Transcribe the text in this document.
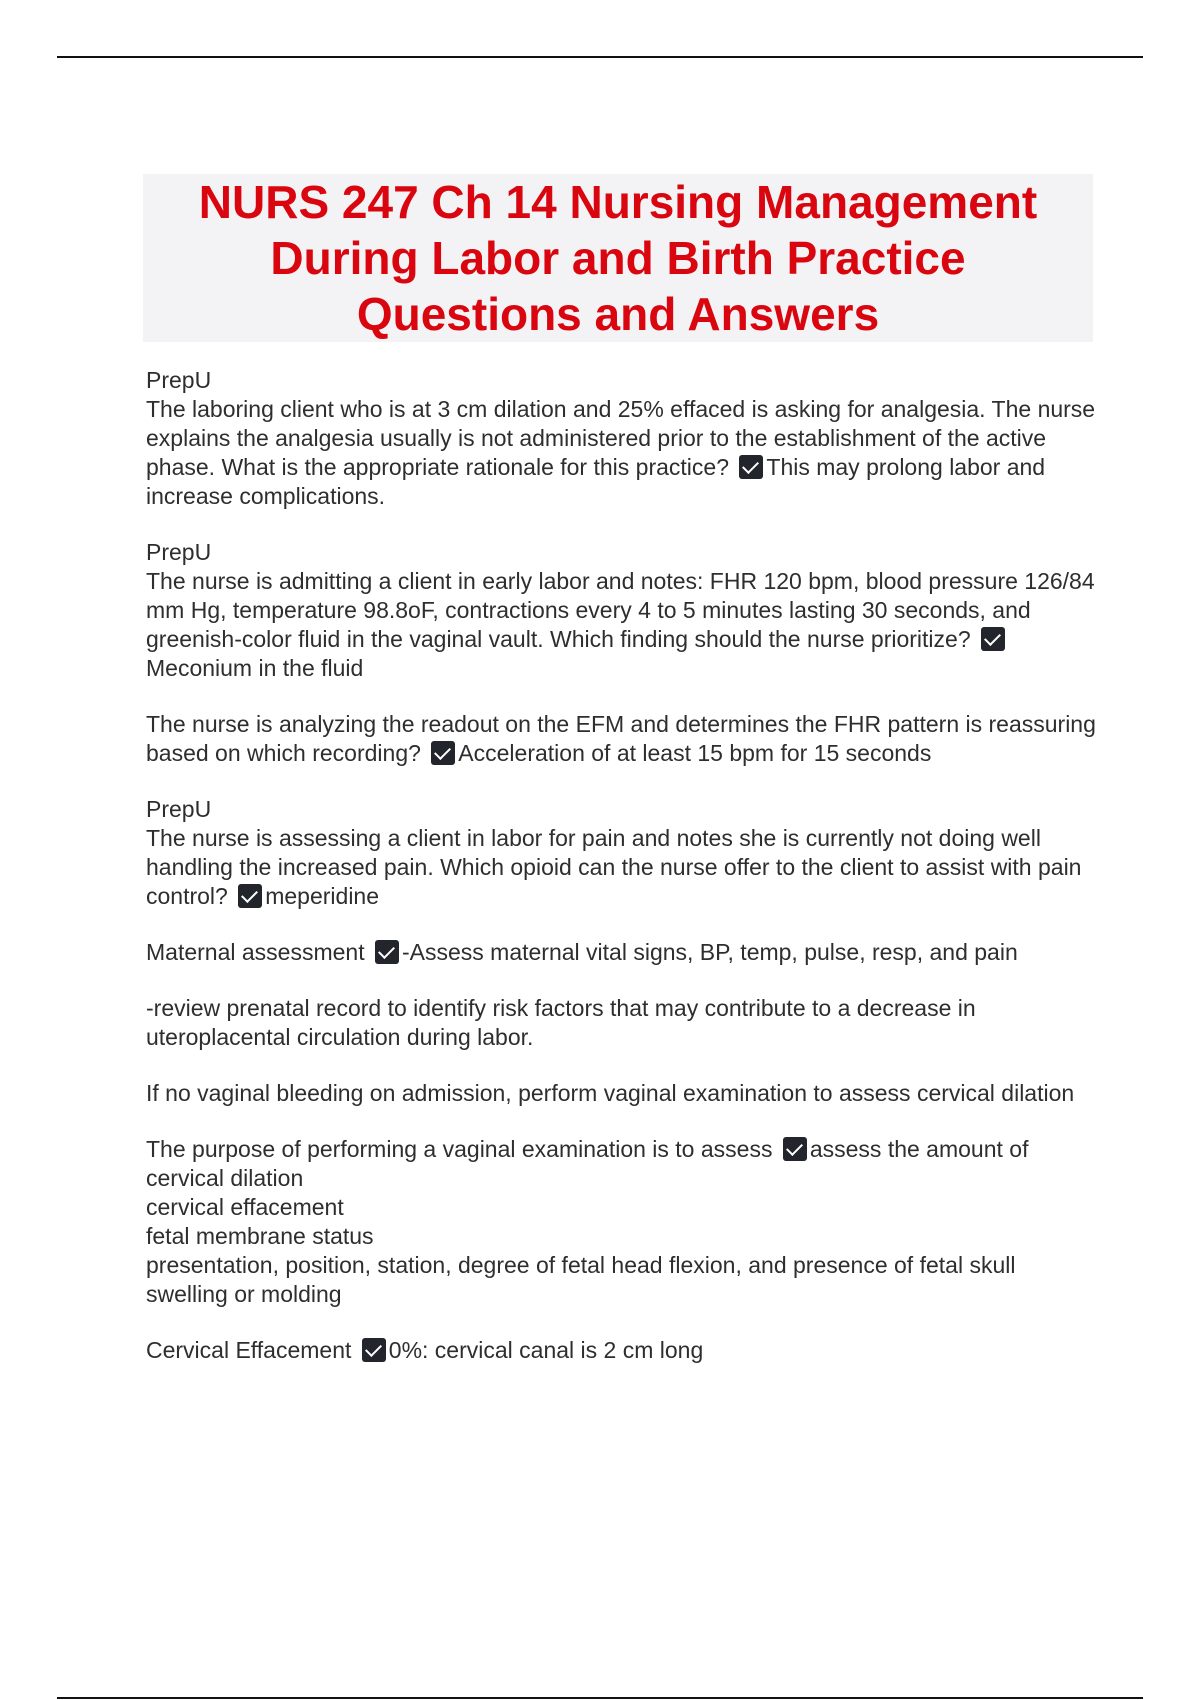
NURS 247 Ch 14 Nursing Management During Labor and Birth Practice Questions and Answers

PrepU
The laboring client who is at 3 cm dilation and 25% effaced is asking for analgesia. The nurse explains the analgesia usually is not administered prior to the establishment of the active phase. What is the appropriate rationale for this practice? This may prolong labor and increase complications.

PrepU
The nurse is admitting a client in early labor and notes: FHR 120 bpm, blood pressure 126/84 mm Hg, temperature 98.8oF, contractions every 4 to 5 minutes lasting 30 seconds, and greenish-color fluid in the vaginal vault. Which finding should the nurse prioritize? Meconium in the fluid

The nurse is analyzing the readout on the EFM and determines the FHR pattern is reassuring based on which recording? Acceleration of at least 15 bpm for 15 seconds

PrepU
The nurse is assessing a client in labor for pain and notes she is currently not doing well handling the increased pain. Which opioid can the nurse offer to the client to assist with pain control? meperidine

Maternal assessment -Assess maternal vital signs, BP, temp, pulse, resp, and pain

-review prenatal record to identify risk factors that may contribute to a decrease in uteroplacental circulation during labor.

If no vaginal bleeding on admission, perform vaginal examination to assess cervical dilation

The purpose of performing a vaginal examination is to assess assess the amount of cervical dilation
cervical effacement
fetal membrane status
presentation, position, station, degree of fetal head flexion, and presence of fetal skull swelling or molding

Cervical Effacement 0%: cervical canal is 2 cm long
